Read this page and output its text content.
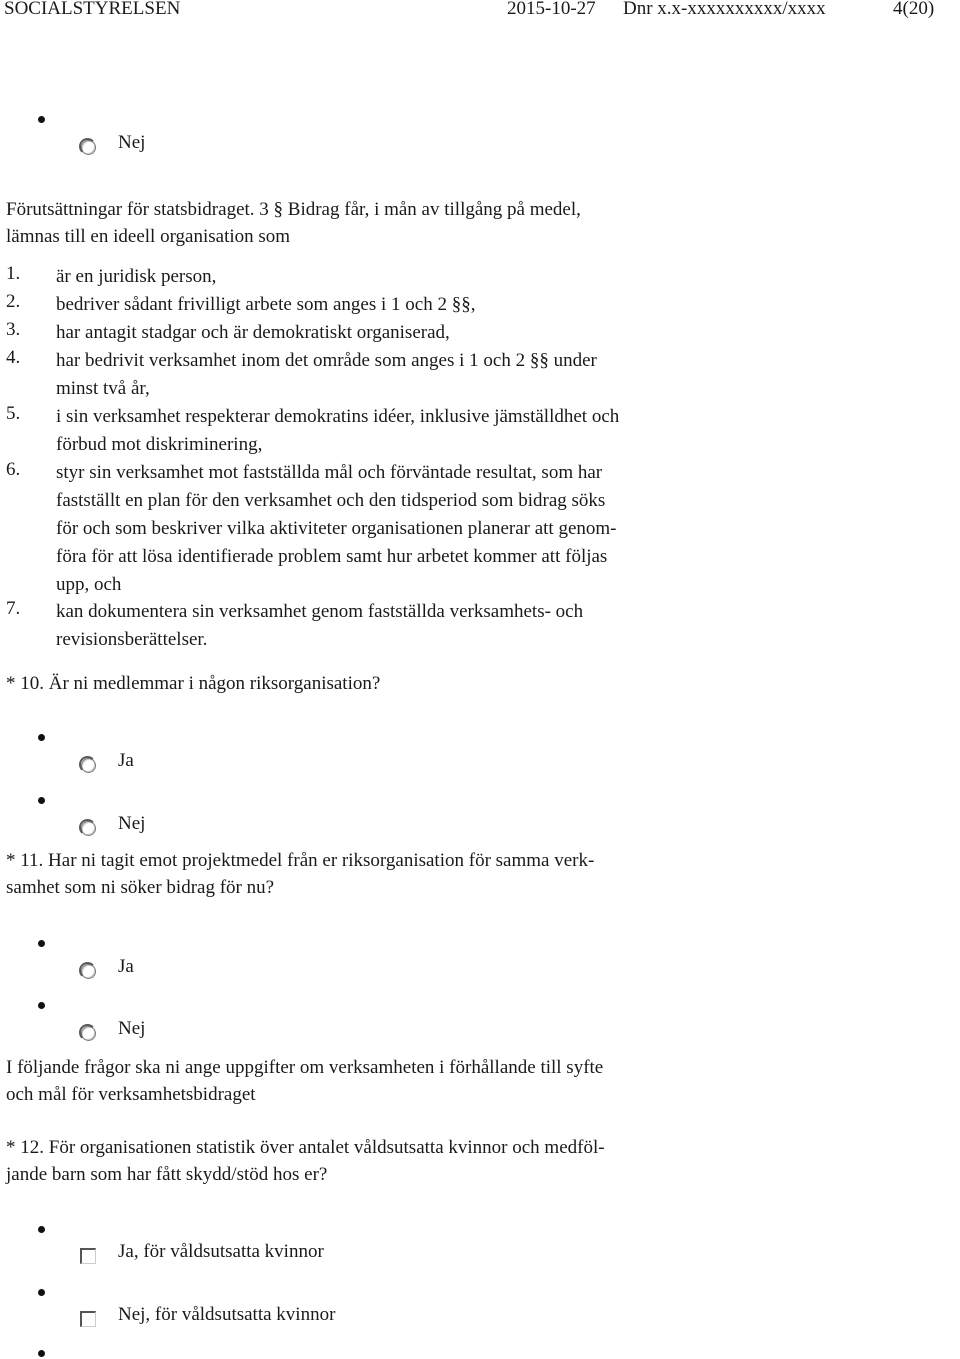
SOCIALSTYRELSEN	2015-10-27 Dnr x.x-xxxxxxxxxx/xxxx	4(20)
Nej
Förutsättningar för statsbidraget. 3 § Bidrag får, i mån av tillgång på medel,
lämnas till en ideell organisation som
1. är en juridisk person,
2. bedriver sådant frivilligt arbete som anges i 1 och 2 §§,
3. har antagit stadgar och är demokratiskt organiserad,
4. har bedrivit verksamhet inom det område som anges i 1 och 2 §§ under
minst två år,
5. i sin verksamhet respekterar demokratins idéer, inklusive jämställdhet och
förbud mot diskriminering,
6. styr sin verksamhet mot fastställda mål och förväntade resultat, som har
fastställt en plan för den verksamhet och den tidsperiod som bidrag söks
för och som beskriver vilka aktiviteter organisationen planerar att genom-
föra för att lösa identifierade problem samt hur arbetet kommer att följas
upp, och
7. kan dokumentera sin verksamhet genom fastställda verksamhets- och
revisionsberättelser.
* 10. Är ni medlemmar i någon riksorganisation?
Ja
Nej
* 11. Har ni tagit emot projektmedel från er riksorganisation för samma verk-
samhet som ni söker bidrag för nu?
Ja
Nej
I följande frågor ska ni ange uppgifter om verksamheten i förhållande till syfte
och mål för verksamhetsbidraget
* 12. För organisationen statistik över antalet våldsutsatta kvinnor och medföl-
jande barn som har fått skydd/stöd hos er?
Ja, för våldsutsatta kvinnor
Nej, för våldsutsatta kvinnor
